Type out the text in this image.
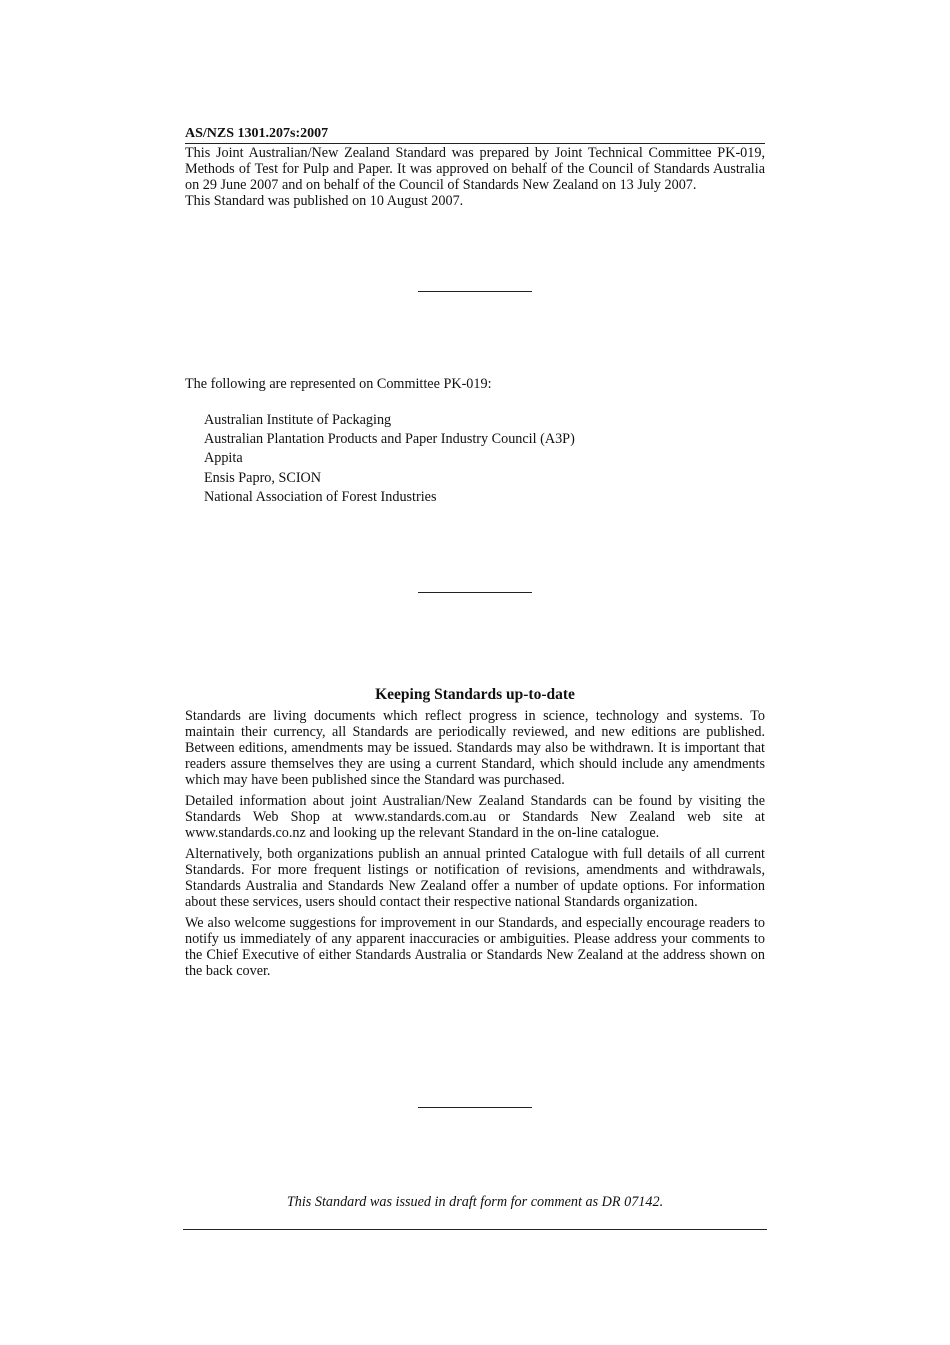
AS/NZS 1301.207s:2007

This Joint Australian/New Zealand Standard was prepared by Joint Technical Committee PK-019, Methods of Test for Pulp and Paper. It was approved on behalf of the Council of Standards Australia on 29 June 2007 and on behalf of the Council of Standards New Zealand on 13 July 2007.

This Standard was published on 10 August 2007.

The following are represented on Committee PK-019:
Australian Institute of Packaging
Australian Plantation Products and Paper Industry Council (A3P)
Appita
Ensis Papro, SCION
National Association of Forest Industries
Keeping Standards up-to-date

Standards are living documents which reflect progress in science, technology and systems. To maintain their currency, all Standards are periodically reviewed, and new editions are published. Between editions, amendments may be issued. Standards may also be withdrawn. It is important that readers assure themselves they are using a current Standard, which should include any amendments which may have been published since the Standard was purchased.

Detailed information about joint Australian/New Zealand Standards can be found by visiting the Standards Web Shop at www.standards.com.au or Standards New Zealand web site at www.standards.co.nz and looking up the relevant Standard in the on-line catalogue.

Alternatively, both organizations publish an annual printed Catalogue with full details of all current Standards. For more frequent listings or notification of revisions, amendments and withdrawals, Standards Australia and Standards New Zealand offer a number of update options. For information about these services, users should contact their respective national Standards organization.

We also welcome suggestions for improvement in our Standards, and especially encourage readers to notify us immediately of any apparent inaccuracies or ambiguities. Please address your comments to the Chief Executive of either Standards Australia or Standards New Zealand at the address shown on the back cover.

This Standard was issued in draft form for comment as DR 07142.
